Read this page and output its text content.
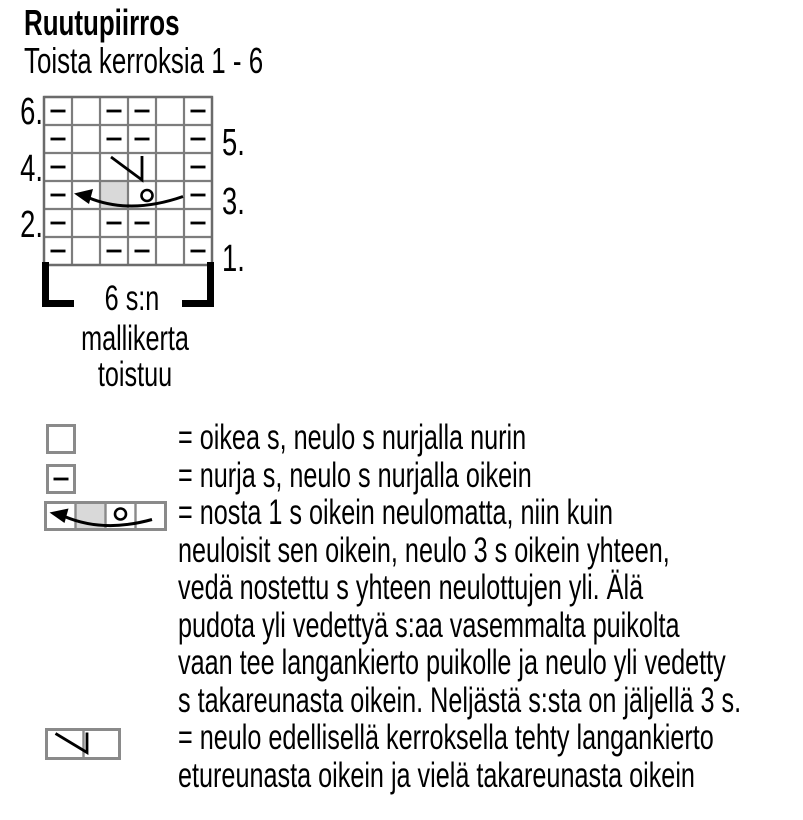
Ruutupiirros
Toista kerroksia 1 - 6
6.
5.
4.
3.
2.
1.
6 s:n
mallikerta
toistuu
= oikea s, neulo s nurjalla nurin
= nurja s, neulo s nurjalla oikein
= nosta 1 s oikein neulomatta, niin kuin
neuloisit sen oikein, neulo 3 s oikein yhteen,
vedä nostettu s yhteen neulottujen yli. Älä
pudota yli vedettyä s:aa vasemmalta puikolta
vaan tee langankierto puikolle ja neulo yli vedetty
s takareunasta oikein. Neljästä s:sta on jäljellä 3 s.
= neulo edellisellä kerroksella tehty langankierto
etureunasta oikein ja vielä takareunasta oikein
